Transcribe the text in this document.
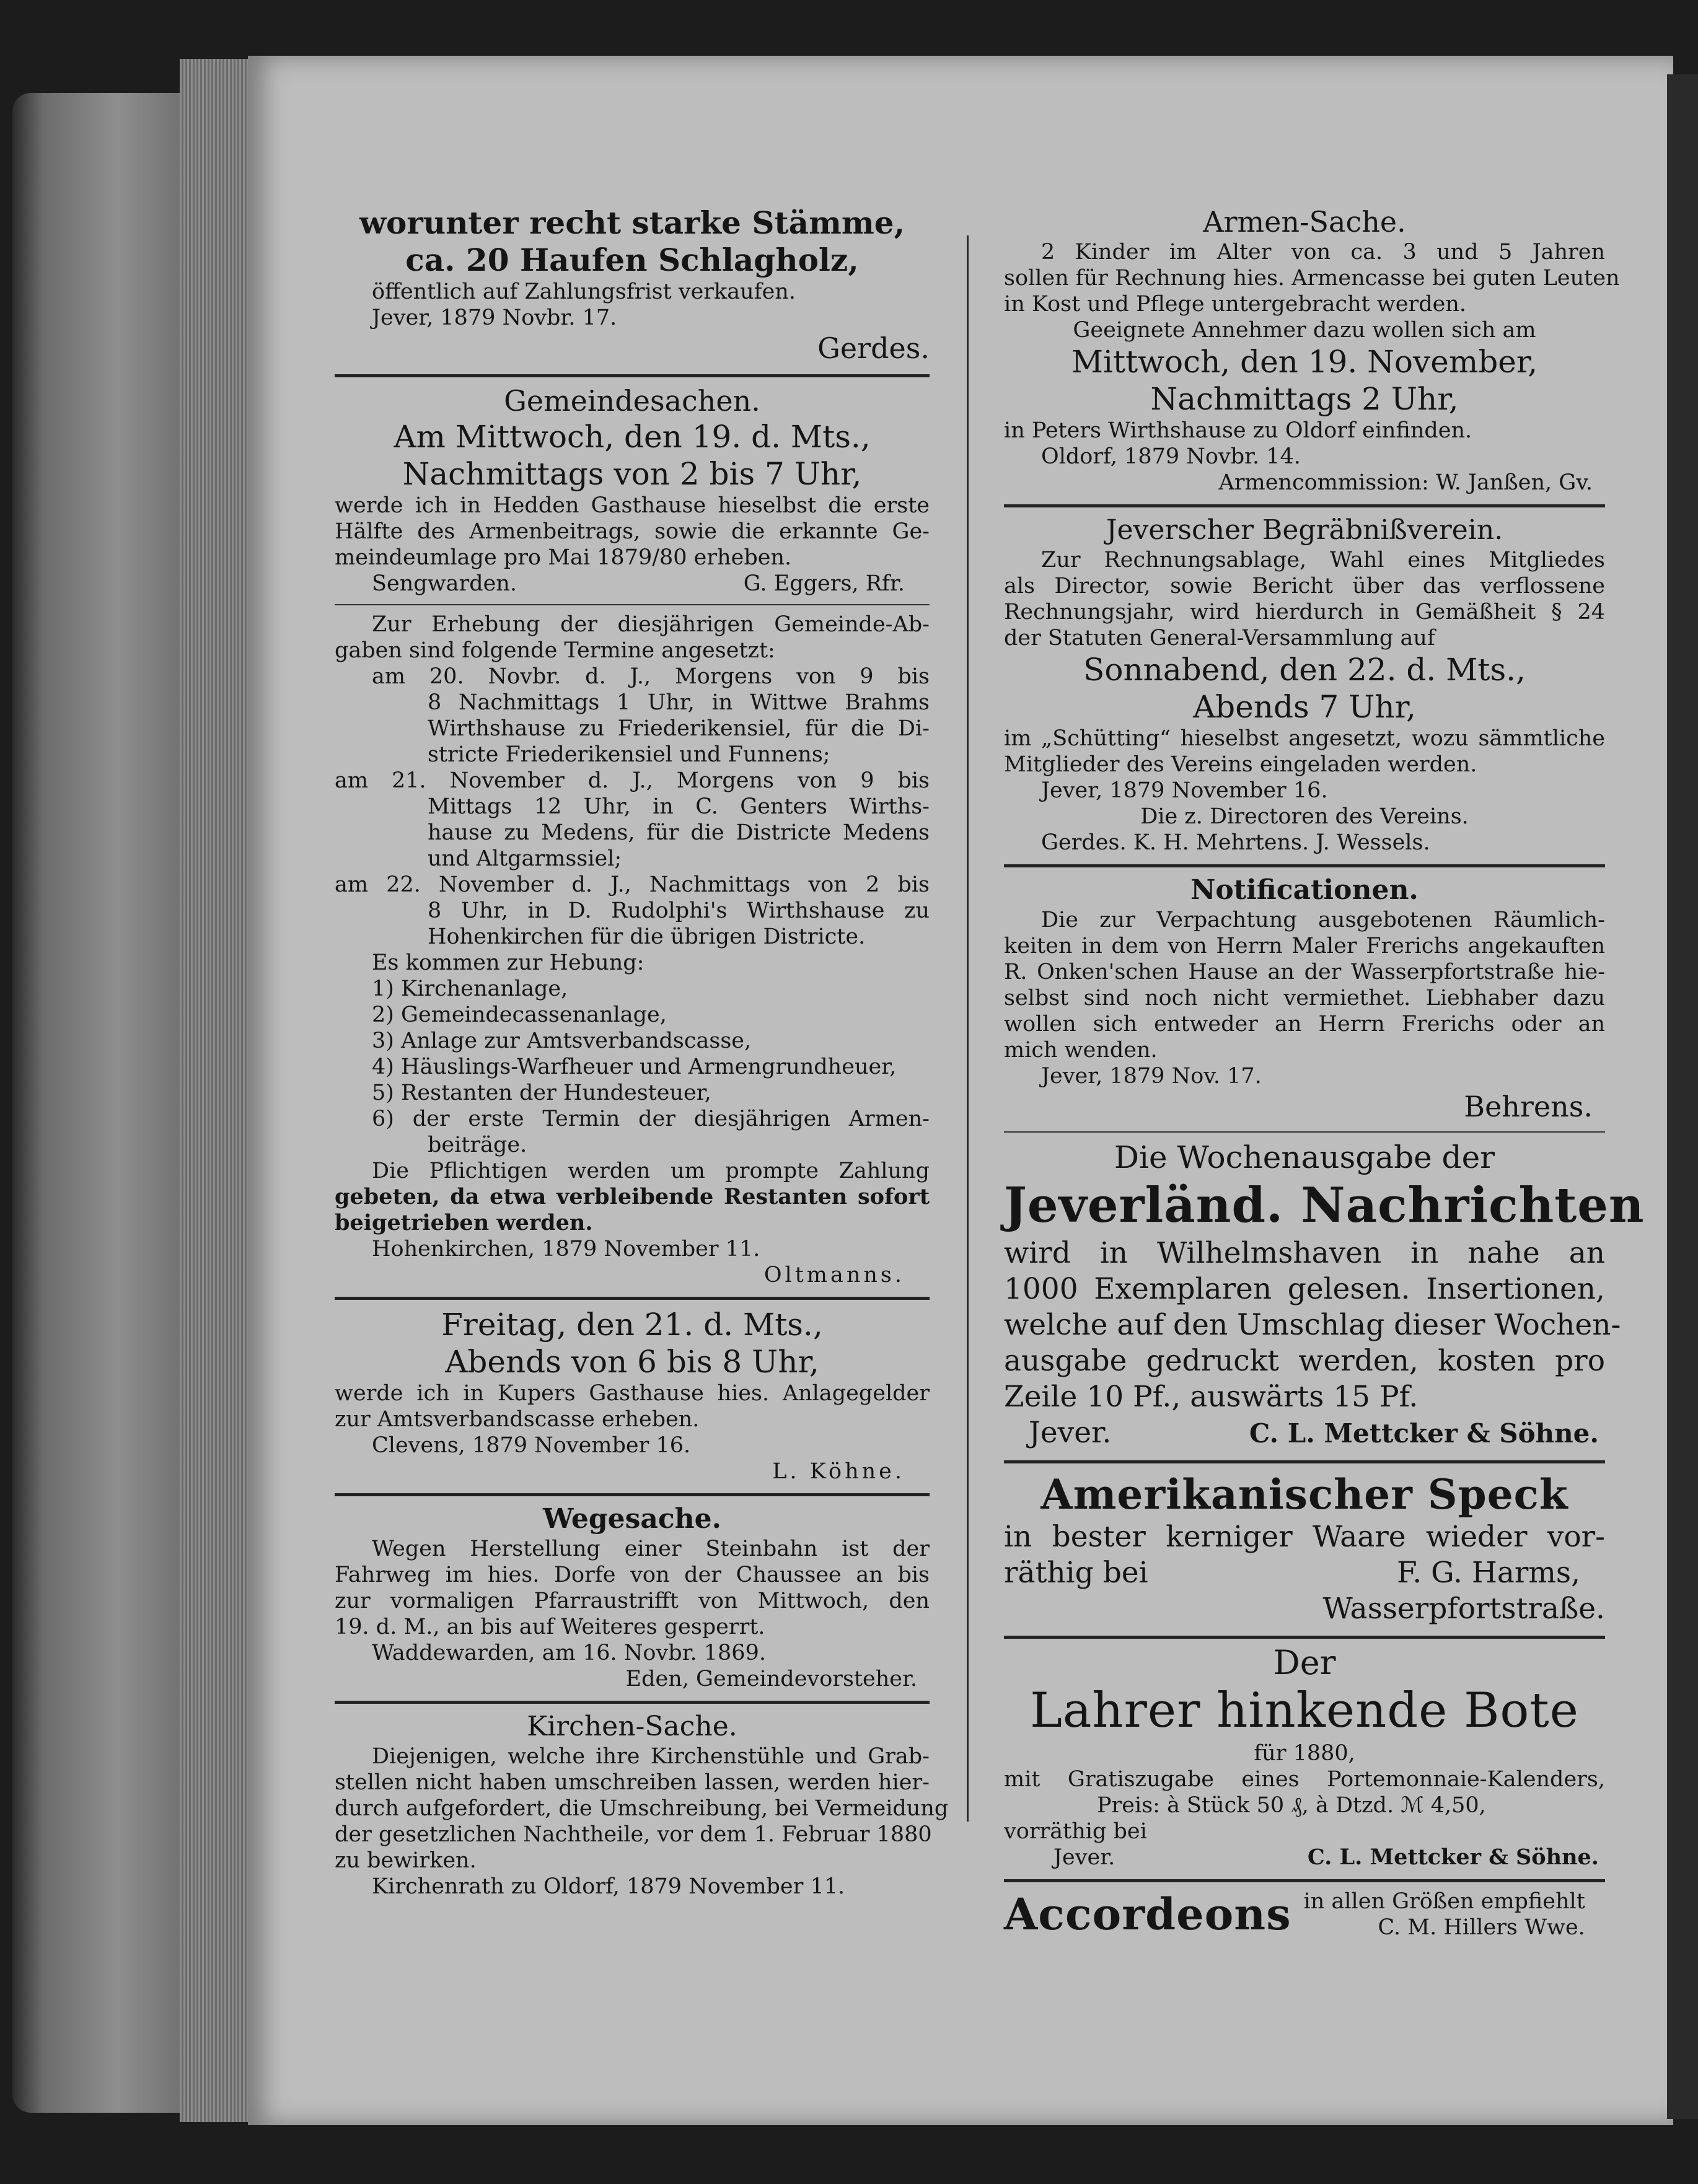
worunter recht starke Stämme,

ca. 20 Haufen Schlagholz,

öffentlich auf Zahlungsfrist verkaufen.

Jever, 1879 Novbr. 17.

Gerdes.

Gemeindesachen.

Am Mittwoch, den 19. d. Mts.,

Nachmittags von 2 bis 7 Uhr,

werde ich in Hedden Gasthause hieselbst die erste

Hälfte des Armenbeitrags, sowie die erkannte Ge-

meindeumlage pro Mai 1879/80 erheben.

Sengwarden.	G. Eggers, Rfr.

Zur Erhebung der diesjährigen Gemeinde-Ab-

gaben sind folgende Termine angesetzt:

am 20. Novbr. d. J., Morgens von 9 bis

8 Nachmittags 1 Uhr, in Wittwe Brahms

Wirthshause zu Friederikensiel, für die Di-

stricte Friederikensiel und Funnens;

am 21. November d. J., Morgens von 9 bis

Mittags 12 Uhr, in C. Genters Wirths-

hause zu Medens, für die Districte Medens

und Altgarmssiel;

am 22. November d. J., Nachmittags von 2 bis

8 Uhr, in D. Rudolphi's Wirthshause zu

Hohenkirchen für die übrigen Districte.

Es kommen zur Hebung:

1) Kirchenanlage,

2) Gemeindecassenanlage,

3) Anlage zur Amtsverbandscasse,

4) Häuslings-Warfheuer und Armengrundheuer,

5) Restanten der Hundesteuer,

6) der erste Termin der diesjährigen Armen-

beiträge.

Die Pflichtigen werden um prompte Zahlung

gebeten, da etwa verbleibende Restanten sofort

beigetrieben werden.

Hohenkirchen, 1879 November 11.

Oltmanns.

Freitag, den 21. d. Mts.,

Abends von 6 bis 8 Uhr,

werde ich in Kupers Gasthause hies. Anlagegelder

zur Amtsverbandscasse erheben.

Clevens, 1879 November 16.

L. Köhne.

Wegesache.

Wegen Herstellung einer Steinbahn ist der

Fahrweg im hies. Dorfe von der Chaussee an bis

zur vormaligen Pfarraustrifft von Mittwoch, den

19. d. M., an bis auf Weiteres gesperrt.

Waddewarden, am 16. Novbr. 1869.

Eden, Gemeindevorsteher.

Kirchen-Sache.

Diejenigen, welche ihre Kirchenstühle und Grab-

stellen nicht haben umschreiben lassen, werden hier-

durch aufgefordert, die Umschreibung, bei Vermeidung

der gesetzlichen Nachtheile, vor dem 1. Februar 1880

zu bewirken.

Kirchenrath zu Oldorf, 1879 November 11.

Armen-Sache.

2 Kinder im Alter von ca. 3 und 5 Jahren

sollen für Rechnung hies. Armencasse bei guten Leuten

in Kost und Pflege untergebracht werden.

Geeignete Annehmer dazu wollen sich am

Mittwoch, den 19. November,

Nachmittags 2 Uhr,

in Peters Wirthshause zu Oldorf einfinden.

Oldorf, 1879 Novbr. 14.

Armencommission: W. Janßen, Gv.

Jeverscher Begräbnißverein.

Zur Rechnungsablage, Wahl eines Mitgliedes

als Director, sowie Bericht über das verflossene

Rechnungsjahr, wird hierdurch in Gemäßheit § 24

der Statuten General-Versammlung auf

Sonnabend, den 22. d. Mts.,

Abends 7 Uhr,

im „Schütting“ hieselbst angesetzt, wozu sämmtliche

Mitglieder des Vereins eingeladen werden.

Jever, 1879 November 16.

Die z. Directoren des Vereins.

Gerdes. K. H. Mehrtens. J. Wessels.

Notificationen.

Die zur Verpachtung ausgebotenen Räumlich-

keiten in dem von Herrn Maler Frerichs angekauften

R. Onken'schen Hause an der Wasserpfortstraße hie-

selbst sind noch nicht vermiethet. Liebhaber dazu

wollen sich entweder an Herrn Frerichs oder an

mich wenden.

Jever, 1879 Nov. 17.

Behrens.

Die Wochenausgabe der

Jeverländ. Nachrichten

wird in Wilhelmshaven in nahe an

1000 Exemplaren gelesen. Insertionen,

welche auf den Umschlag dieser Wochen-

ausgabe gedruckt werden, kosten pro

Zeile 10 Pf., auswärts 15 Pf.

Jever.	C. L. Mettcker & Söhne.

Amerikanischer Speck

in bester kerniger Waare wieder vor-

räthig bei	F. G. Harms,

Wasserpfortstraße.

Der

Lahrer hinkende Bote

für 1880,

mit Gratiszugabe eines Portemonnaie-Kalenders,

Preis: à Stück 50 ₰, à Dtzd. ℳ 4,50,

vorräthig bei

Jever.	C. L. Mettcker & Söhne.

Accordeons in allen Größen empfiehlt

C. M. Hillers Wwe.
